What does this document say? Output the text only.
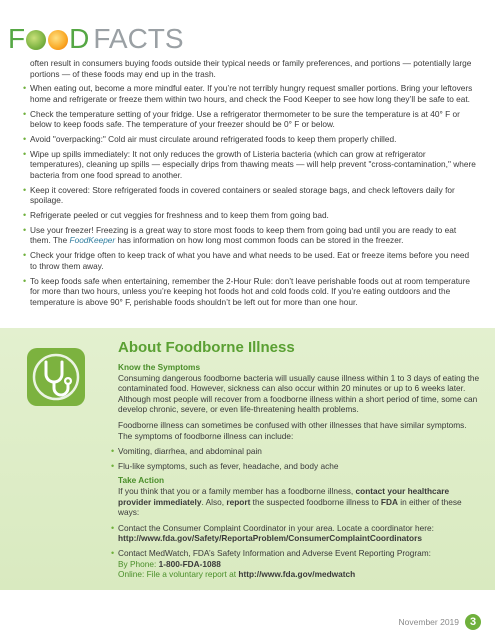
F D FACTS

often result in consumers buying foods outside their typical needs or family preferences, and portions — potentially large portions — of these foods may end up in the trash.

• When eating out, become a more mindful eater. If you’re not terribly hungry request smaller portions. Bring your leftovers home and refrigerate or freeze them within two hours, and check the Food Keeper to see how long they’ll be safe to eat.
• Check the temperature setting of your fridge. Use a refrigerator thermometer to be sure the temperature is at 40° F or below to keep foods safe. The temperature of your freezer should be 0° F or below.
• Avoid "overpacking:" Cold air must circulate around refrigerated foods to keep them properly chilled.
• Wipe up spills immediately: It not only reduces the growth of Listeria bacteria (which can grow at refrigerator temperatures), cleaning up spills — especially drips from thawing meats — will help prevent "cross-contamination," where bacteria from one food spread to another.
• Keep it covered: Store refrigerated foods in covered containers or sealed storage bags, and check leftovers daily for spoilage.
• Refrigerate peeled or cut veggies for freshness and to keep them from going bad.
• Use your freezer! Freezing is a great way to store most foods to keep them from going bad until you are ready to eat them. The FoodKeeper has information on how long most common foods can be stored in the freezer.
• Check your fridge often to keep track of what you have and what needs to be used. Eat or freeze items before you need to throw them away.
• To keep foods safe when entertaining, remember the 2-Hour Rule: don’t leave perishable foods out at room temperature for more than two hours, unless you’re keeping hot foods hot and cold foods cold. If you’re eating outdoors and the temperature is above 90° F, perishable foods shouldn’t be left out for more than one hour.
About Foodborne Illness

Know the Symptoms

Consuming dangerous foodborne bacteria will usually cause illness within 1 to 3 days of eating the contaminated food. However, sickness can also occur within 20 minutes or up to 6 weeks later. Although most people will recover from a foodborne illness within a short period of time, some can develop chronic, severe, or even life-threatening health problems.

Foodborne illness can sometimes be confused with other illnesses that have similar symptoms. The symptoms of foodborne illness can include:

• Vomiting, diarrhea, and abdominal pain
• Flu-like symptoms, such as fever, headache, and body ache

Take Action

If you think that you or a family member has a foodborne illness, contact your healthcare provider immediately. Also, report the suspected foodborne illness to FDA in either of these ways:

• Contact the Consumer Complaint Coordinator in your area. Locate a coordinator here:
http://www.fda.gov/Safety/ReportaProblem/ConsumerComplaintCoordinators
• Contact MedWatch, FDA’s Safety Information and Adverse Event Reporting Program:
By Phone: 1-800-FDA-1088
Online: File a voluntary report at http://www.fda.gov/medwatch
November 2019 3
